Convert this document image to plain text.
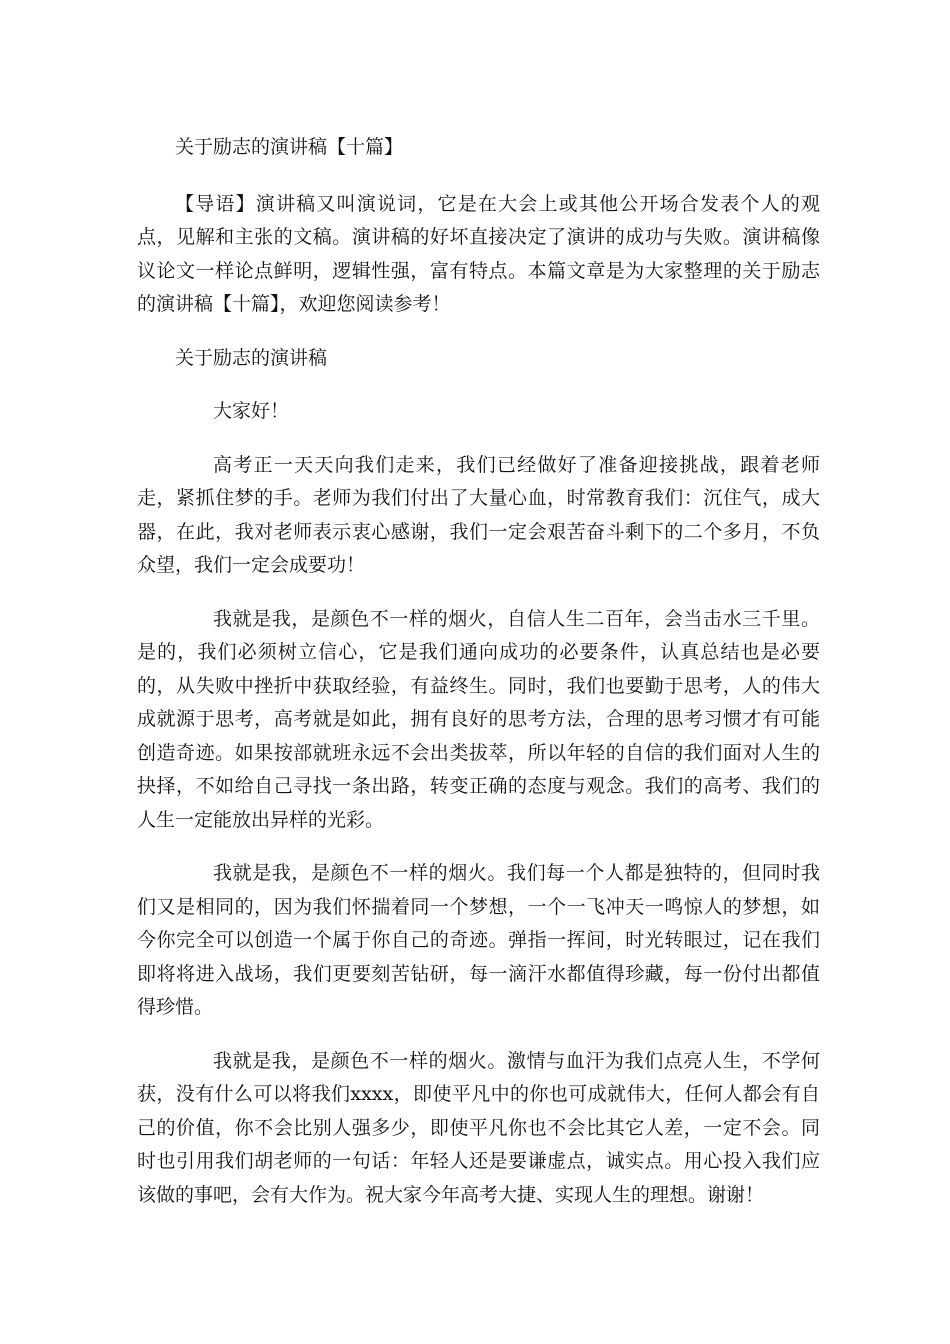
关于励志的演讲稿【十篇】

【导语】演讲稿又叫演说词，它是在大会上或其他公开场合发表个人的观点，见解和主张的文稿。演讲稿的好坏直接决定了演讲的成功与失败。演讲稿像议论文一样论点鲜明，逻辑性强，富有特点。本篇文章是为大家整理的关于励志的演讲稿【十篇】，欢迎您阅读参考！

关于励志的演讲稿

大家好！

高考正一天天向我们走来，我们已经做好了准备迎接挑战，跟着老师走，紧抓住梦的手。老师为我们付出了大量心血，时常教育我们：沉住气，成大器，在此，我对老师表示衷心感谢，我们一定会艰苦奋斗剩下的二个多月，不负众望，我们一定会成要功！

我就是我，是颜色不一样的烟火，自信人生二百年，会当击水三千里。是的，我们必须树立信心，它是我们通向成功的必要条件，认真总结也是必要的，从失败中挫折中获取经验，有益终生。同时，我们也要勤于思考，人的伟大成就源于思考，高考就是如此，拥有良好的思考方法，合理的思考习惯才有可能创造奇迹。如果按部就班永远不会出类拔萃，所以年轻的自信的我们面对人生的抉择，不如给自己寻找一条出路，转变正确的态度与观念。我们的高考、我们的人生一定能放出异样的光彩。

我就是我，是颜色不一样的烟火。我们每一个人都是独特的，但同时我们又是相同的，因为我们怀揣着同一个梦想，一个一飞冲天一鸣惊人的梦想，如今你完全可以创造一个属于你自己的奇迹。弹指一挥间，时光转眼过，记在我们即将将进入战场，我们更要刻苦钻研，每一滴汗水都值得珍藏，每一份付出都值得珍惜。

我就是我，是颜色不一样的烟火。激情与血汗为我们点亮人生，不学何获，没有什么可以将我们xxxx，即使平凡中的你也可成就伟大，任何人都会有自己的价值，你不会比别人强多少，即使平凡你也不会比其它人差，一定不会。同时也引用我们胡老师的一句话：年轻人还是要谦虚点，诚实点。用心投入我们应该做的事吧，会有大作为。祝大家今年高考大捷、实现人生的理想。谢谢！
